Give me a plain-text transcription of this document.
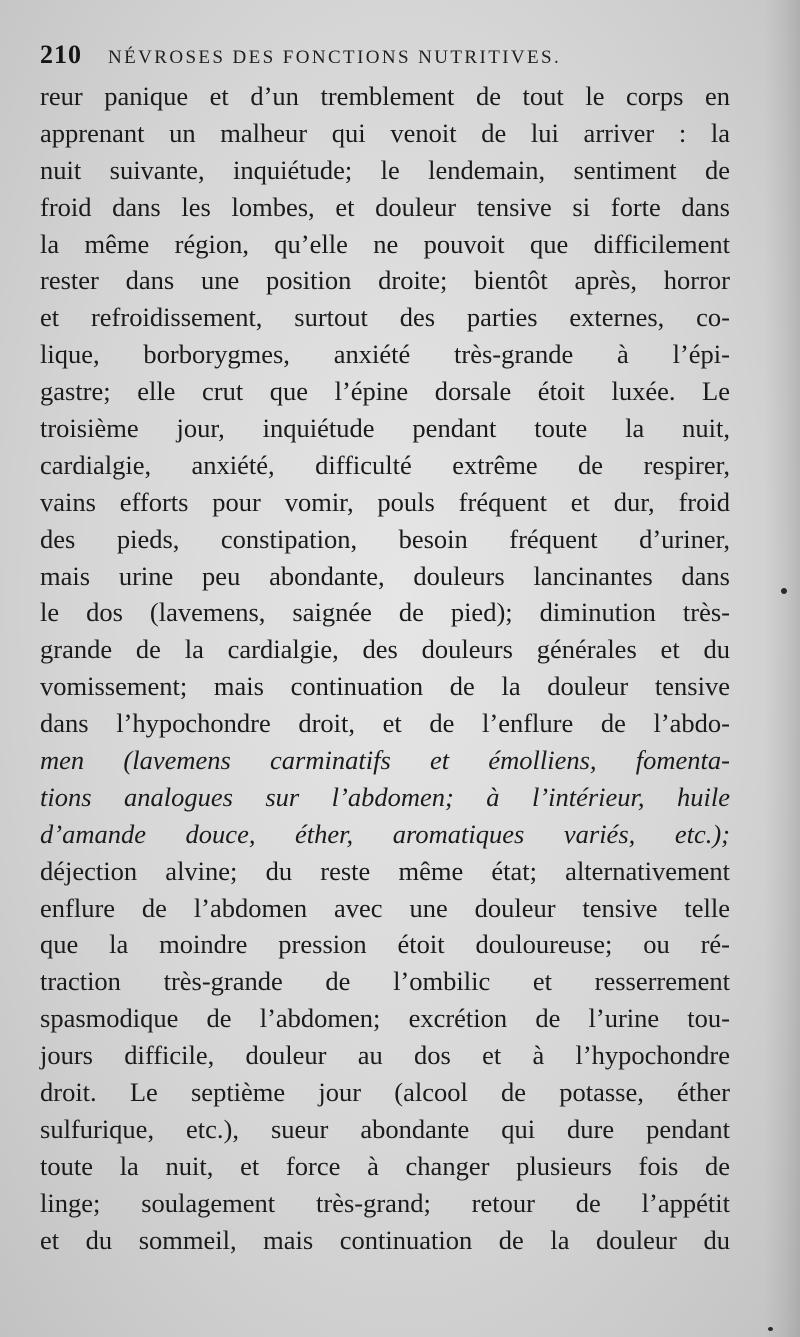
210 NÉVROSES DES FONCTIONS NUTRITIVES.
reur panique et d’un tremblement de tout le corps en
apprenant un malheur qui venoit de lui arriver : la
nuit suivante, inquiétude; le lendemain, sentiment de
froid dans les lombes, et douleur tensive si forte dans
la même région, qu’elle ne pouvoit que difficilement
rester dans une position droite; bientôt après, horror
et refroidissement, surtout des parties externes, co-
lique, borborygmes, anxiété très-grande à l’épi-
gastre; elle crut que l’épine dorsale étoit luxée. Le
troisième jour, inquiétude pendant toute la nuit,
cardialgie, anxiété, difficulté extrême de respirer,
vains efforts pour vomir, pouls fréquent et dur, froid
des pieds, constipation, besoin fréquent d’uriner,
mais urine peu abondante, douleurs lancinantes dans
le dos (lavemens, saignée de pied); diminution très-
grande de la cardialgie, des douleurs générales et du
vomissement; mais continuation de la douleur tensive
dans l’hypochondre droit, et de l’enflure de l’abdo-
men (lavemens carminatifs et émolliens, fomenta-
tions analogues sur l’abdomen; à l’intérieur, huile
d’amande douce, éther, aromatiques variés, etc.);
déjection alvine; du reste même état; alternativement
enflure de l’abdomen avec une douleur tensive telle
que la moindre pression étoit douloureuse; ou ré-
traction très-grande de l’ombilic et resserrement
spasmodique de l’abdomen; excrétion de l’urine tou-
jours difficile, douleur au dos et à l’hypochondre
droit. Le septième jour (alcool de potasse, éther
sulfurique, etc.), sueur abondante qui dure pendant
toute la nuit, et force à changer plusieurs fois de
linge; soulagement très-grand; retour de l’appétit
et du sommeil, mais continuation de la douleur du
